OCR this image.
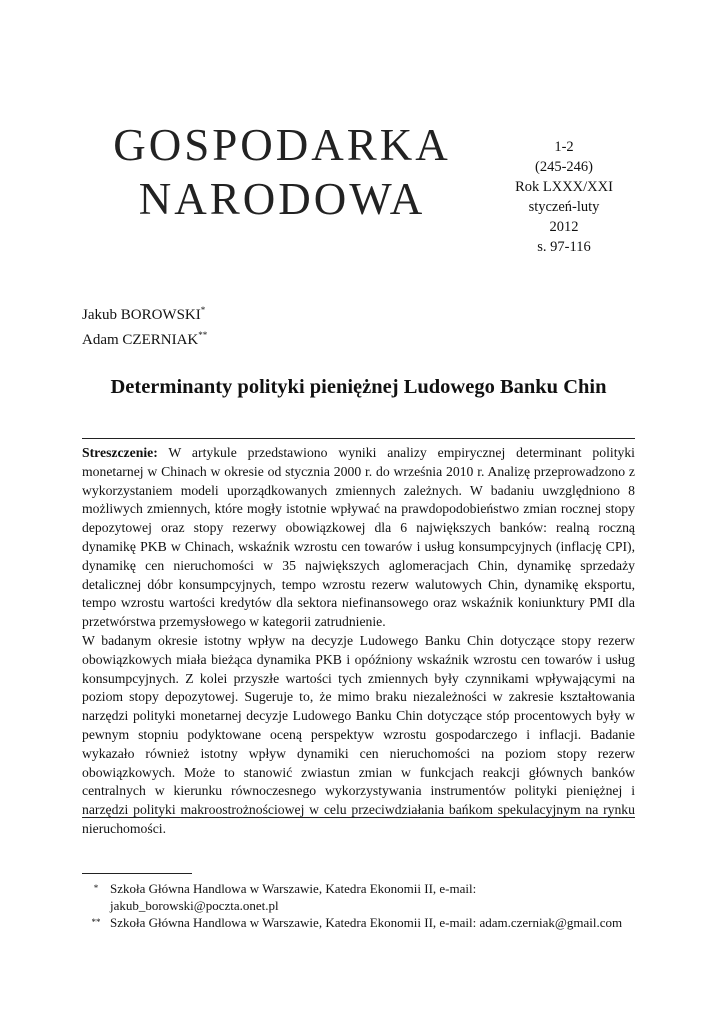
GOSPODARKA
NARODOWA
1-2
(245-246)
Rok LXXX/XXI
styczeń-luty
2012
s. 97-116
Jakub BOROWSKI*
Adam CZERNIAK**
Determinanty polityki pieniężnej Ludowego Banku Chin

Streszczenie: W artykule przedstawiono wyniki analizy empirycznej determinant polityki monetarnej w Chinach w okresie od stycznia 2000 r. do września 2010 r. Analizę przeprowadzono z wykorzystaniem modeli uporządkowanych zmiennych zależnych. W badaniu uwzględniono 8 możliwych zmiennych, które mogły istotnie wpływać na prawdopodobieństwo zmian rocznej stopy depozytowej oraz stopy rezerwy obowiązkowej dla 6 największych banków: realną roczną dynamikę PKB w Chinach, wskaźnik wzrostu cen towarów i usług konsumpcyjnych (inflację CPI), dynamikę cen nieruchomości w 35 największych aglomeracjach Chin, dynamikę sprzedaży detalicznej dóbr konsumpcyjnych, tempo wzrostu rezerw walutowych Chin, dynamikę eksportu, tempo wzrostu wartości kredytów dla sektora niefinansowego oraz wskaźnik koniunktury PMI dla przetwórstwa przemysłowego w kategorii zatrudnienie.

W badanym okresie istotny wpływ na decyzje Ludowego Banku Chin dotyczące stopy rezerw obowiązkowych miała bieżąca dynamika PKB i opóźniony wskaźnik wzrostu cen towarów i usług konsumpcyjnych. Z kolei przyszłe wartości tych zmiennych były czynnikami wpływającymi na poziom stopy depozytowej. Sugeruje to, że mimo braku niezależności w zakresie kształtowania narzędzi polityki monetarnej decyzje Ludowego Banku Chin dotyczące stóp procentowych były w pewnym stopniu podyktowane oceną perspektyw wzrostu gospodarczego i inflacji. Badanie wykazało również istotny wpływ dynamiki cen nieruchomości na poziom stopy rezerw obowiązkowych. Może to stanowić zwiastun zmian w funkcjach reakcji głównych banków centralnych w kierunku równoczesnego wykorzystywania instrumentów polityki pieniężnej i narzędzi polityki makroostrożnościowej w celu przeciwdziałania bańkom spekulacyjnym na rynku nieruchomości.

* Szkoła Główna Handlowa w Warszawie, Katedra Ekonomii II, e-mail: jakub_borowski@poczta.onet.pl
** Szkoła Główna Handlowa w Warszawie, Katedra Ekonomii II, e-mail: adam.czerniak@gmail.com
